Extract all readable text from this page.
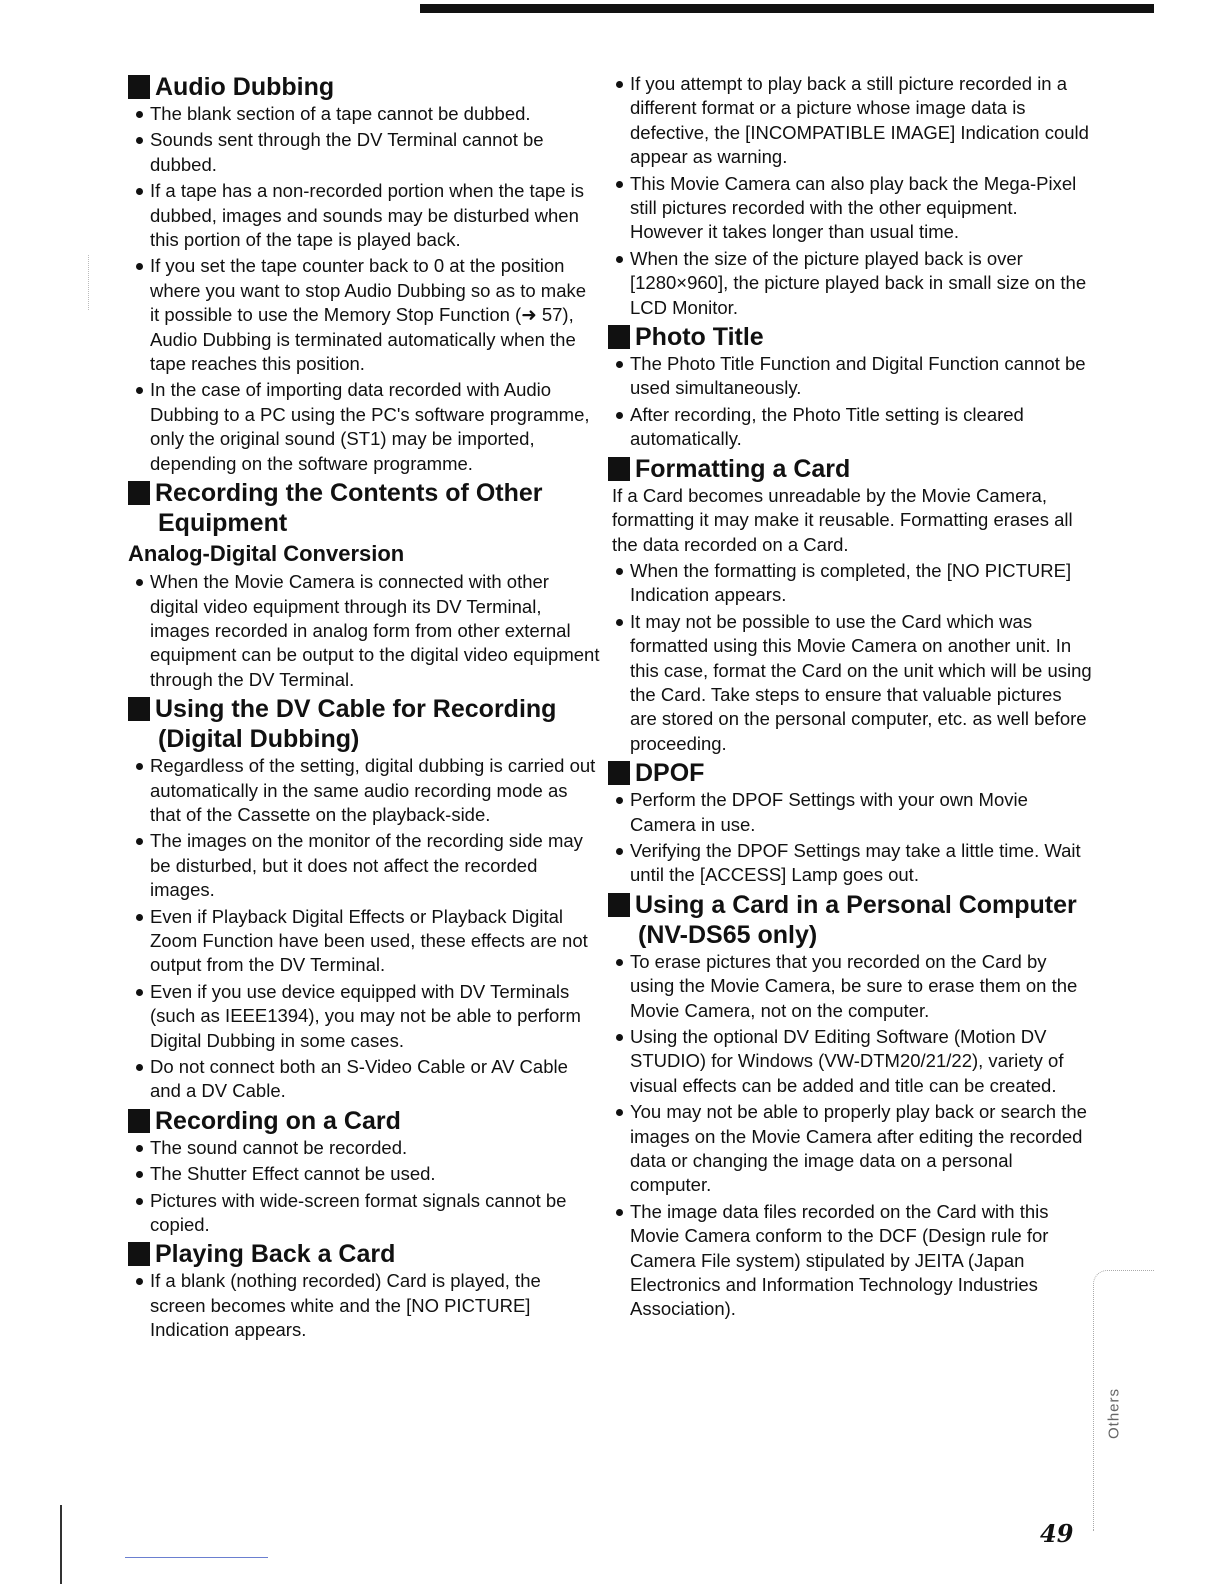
Audio Dubbing
The blank section of a tape cannot be dubbed.
Sounds sent through the DV Terminal cannot be dubbed.
If a tape has a non-recorded portion when the tape is dubbed, images and sounds may be disturbed when this portion of the tape is played back.
If you set the tape counter back to 0 at the position where you want to stop Audio Dubbing so as to make it possible to use the Memory Stop Function (➜ 57), Audio Dubbing is terminated automatically when the tape reaches this position.
In the case of importing data recorded with Audio Dubbing to a PC using the PC's software programme, only the original sound (ST1) may be imported, depending on the software programme.
Recording the Contents of Other Equipment
Analog-Digital Conversion
When the Movie Camera is connected with other digital video equipment through its DV Terminal, images recorded in analog form from other external equipment can be output to the digital video equipment through the DV Terminal.
Using the DV Cable for Recording (Digital Dubbing)
Regardless of the setting, digital dubbing is carried out automatically in the same audio recording mode as that of the Cassette on the playback-side.
The images on the monitor of the recording side may be disturbed, but it does not affect the recorded images.
Even if Playback Digital Effects or Playback Digital Zoom Function have been used, these effects are not output from the DV Terminal.
Even if you use device equipped with DV Terminals (such as IEEE1394), you may not be able to perform Digital Dubbing in some cases.
Do not connect both an S-Video Cable or AV Cable and a DV Cable.
Recording on a Card
The sound cannot be recorded.
The Shutter Effect cannot be used.
Pictures with wide-screen format signals cannot be copied.
Playing Back a Card
If a blank (nothing recorded) Card is played, the screen becomes white and the [NO PICTURE] Indication appears.
If you attempt to play back a still picture recorded in a different format or a picture whose image data is defective, the [INCOMPATIBLE IMAGE] Indication could appear as warning.
This Movie Camera can also play back the Mega-Pixel still pictures recorded with the other equipment. However it takes longer than usual time.
When the size of the picture played back is over [1280×960], the picture played back in small size on the LCD Monitor.
Photo Title
The Photo Title Function and Digital Function cannot be used simultaneously.
After recording, the Photo Title setting is cleared automatically.
Formatting a Card

If a Card becomes unreadable by the Movie Camera, formatting it may make it reusable. Formatting erases all the data recorded on a Card.

When the formatting is completed, the [NO PICTURE] Indication appears.
It may not be possible to use the Card which was formatted using this Movie Camera on another unit. In this case, format the Card on the unit which will be using the Card. Take steps to ensure that valuable pictures are stored on the personal computer, etc. as well before proceeding.
DPOF
Perform the DPOF Settings with your own Movie Camera in use.
Verifying the DPOF Settings may take a little time. Wait until the [ACCESS] Lamp goes out.
Using a Card in a Personal Computer (NV-DS65 only)
To erase pictures that you recorded on the Card by using the Movie Camera, be sure to erase them on the Movie Camera, not on the computer.
Using the optional DV Editing Software (Motion DV STUDIO) for Windows (VW-DTM20/21/22), variety of visual effects can be added and title can be created.
You may not be able to properly play back or search the images on the Movie Camera after editing the recorded data or changing the image data on a personal computer.
The image data files recorded on the Card with this Movie Camera conform to the DCF (Design rule for Camera File system) stipulated by JEITA (Japan Electronics and Information Technology Industries Association).
Others
49
